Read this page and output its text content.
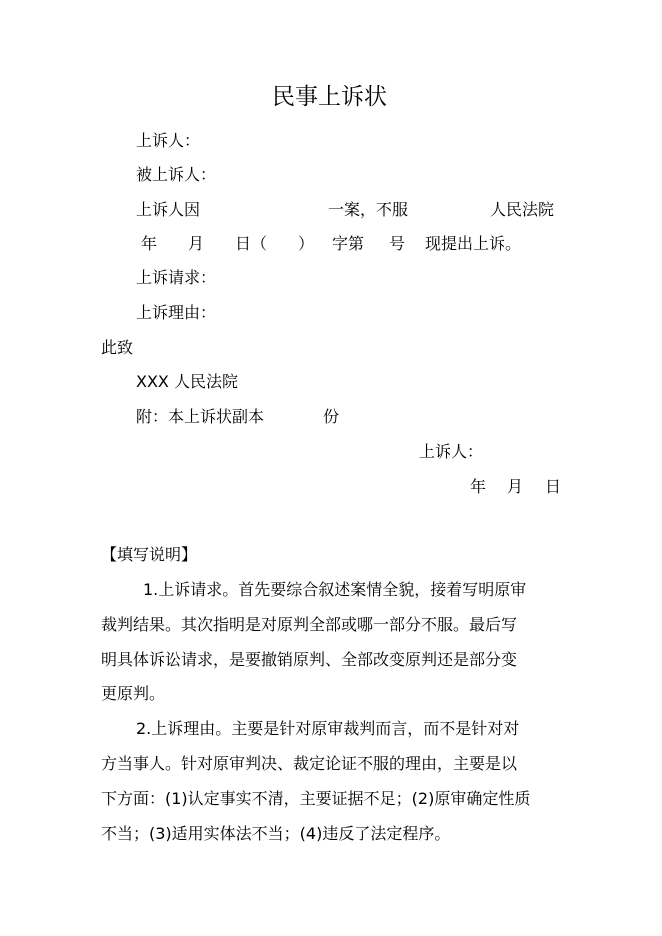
民事上诉状
上诉人：
被上诉人：
上诉人因	一案，不服	人民法院
年 月 日（ ） 字第 号 现提出上诉。
上诉请求：
上诉理由：
此致
XXX 人民法院
附：本上诉状副本	份
上诉人：
年 月 日
【填写说明】
1.上诉请求。首先要综合叙述案情全貌，接着写明原审
裁判结果。其次指明是对原判全部或哪一部分不服。最后写
明具体诉讼请求，是要撤销原判、全部改变原判还是部分变
更原判。
2.上诉理由。主要是针对原审裁判而言，而不是针对对
方当事人。针对原审判决、裁定论证不服的理由，主要是以
下方面：(1)认定事实不清，主要证据不足；(2)原审确定性质
不当；(3)适用实体法不当；(4)违反了法定程序。
